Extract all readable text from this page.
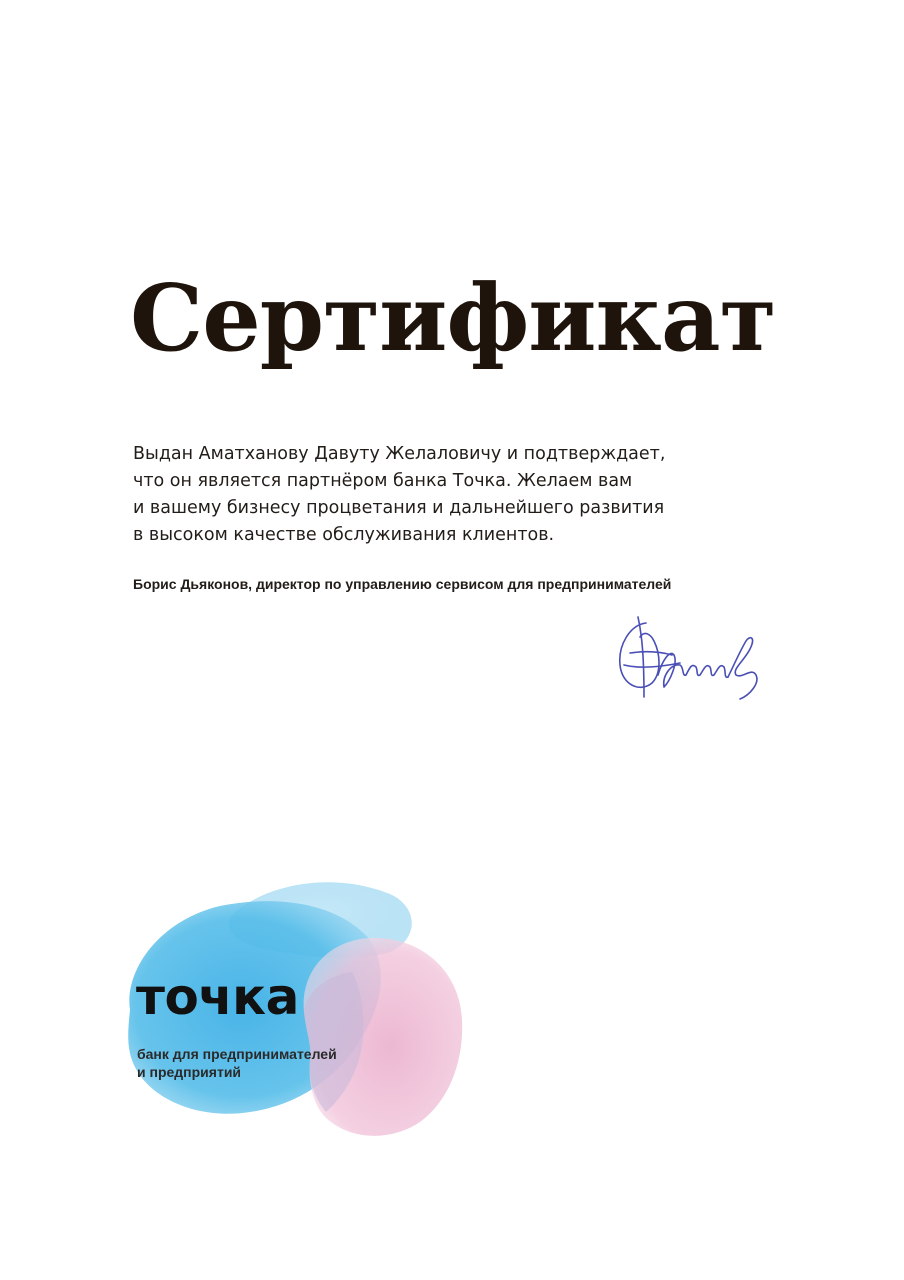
Сертификат

Выдан Аматханову Давуту Желаловичу и подтверждает,
что он является партнёром банка Точка. Желаем вам
и вашему бизнесу процветания и дальнейшего развития
в высоком качестве обслуживания клиентов.

Борис Дьяконов, директор по управлению сервисом для предпринимателей

точка

банк для предпринимателей
и предприятий
